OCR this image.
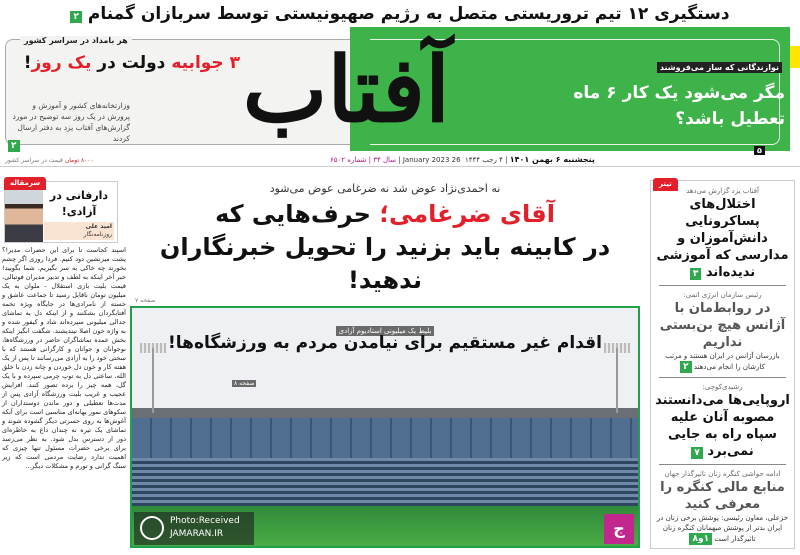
دستگیری ۱۲ تیم تروریستی متصل به رژیم صهیونیستی توسط سربازان گمنام ۲
هر بامداد در سراسر کشور آفتاب
۳ جوابیه دولت در یک روز!
وزارتخانه‌های کشور و آموزش و پرورش در یک روز سه توضیح در مورد گزارش‌های آفتاب یزد به دفتر ارسال کردند
۲
نوازندگانی که ساز می‌فروشند
مگر می‌شود یک کار ۶ ماه تعطیل باشد؟
۵
پنجشنبه ۶ بهمن ۱۴۰۱ | ۴ رجب ۱۴۴۴  26 January 2023 | سال ۳۴ | شماره ۶۵۰۲
۸۰۰۰ تومان قیمت در سراسر کشور
سرمقاله
دارفانی در آزادی!
امید علی
روزنامه‌نگار
اسپند کجاست تا برای این حضرات مدیر!؟ پشت میزنشین دود کنیم. فردا روزی اگر چشم بخورند چه خاکی به سر بگیریم. شما بگویید! خبر آخر اینکه به لطف و تدبیر مدیران فوتبالی، قیمت بلیت بازی استقلال - ملوان به یک میلیون تومان ناقابل رسید تا جماعت عاشق و خسته از نامرادی‌ها در جایگاه ویژه تخمه آفتابگردان بشکنند و از اینکه دل به تماشای جدالی میلیونی سپرده‌اند شاد و کیفور شده و به واژه خون اصلا نیندیشند. شگفت انگیز اینکه بخش عمده تماشاگران حاضر در ورزشگاه‌ها، نوجوانان و جوانان و کارگرانی هستند که با سختی خود را به آزادی می‌رسانند تا پس از یک هفته کار و خون دل خوردن و چانه زدن با خلق الله، ساعتی دل به توپ چرمی سپرده و با یک گل، همه چیز را برده تصور کنند. افزایش عجیب و غریب بلیت ورزشگاه آزادی پس از مدت‌ها تعطیلی و دور ماندن دوستداران از سکوهای نمور بهانه‌ای مناسبی است برای آنکه آغوش‌ها به روی حسرتی دیگر گشوده شوند و تماشای یک تیره نه چندان داغ به خاطره‌ای دور از دسترس بدل شود. به نظر می‌رسد برای برخی حضرات مسئول تنها چیزی که اهمیت ندارد رضایت مردمی است که زیر سنگ گرانی و تورم و مشکلات دیگر...
نه احمدی‌نژاد عوض شد نه ضرغامی عوض می‌شود
آقای ضرغامی؛ حرف‌هایی که
در کابینه باید بزنید را تحویل خبرنگاران ندهید!
صفحه ۷
بلیط یک میلیونی استادیوم آزادی
اقدام غیر مستقیم برای نیامدن مردم به ورزشگاه‌ها!
صفحه ۸
آفتاب یزد گزارش می‌دهد
اختلال‌های پساکرونایی دانش‌آموزان و مدارسی که آموزشی ندیده‌اند ۳
رئیس سازمان انرژی اتمی:
در روابط‌مان با آژانس هیچ بن‌بستی نداریم
بازرسان آژانس در ایران هستند و مرتب کارشان را انجام می‌دهند ۲
رشیدی‌کوچی:
اروپایی‌ها می‌دانستند مصوبه آنان علیه سپاه راه به جایی نمی‌برد ۷
ادامه حواشی کنگره زنان تاثیرگذار جهان
منابع مالی کنگره را معرفی کنید
خزعلی، معاون رئیسی: پوشش برخی زنان در ایران بدتر از پوشش میهمانان کنگره زنان تاثیرگذار است ۱و۸
تیتر
Photo:Received
JAMARAN.IR	ج
